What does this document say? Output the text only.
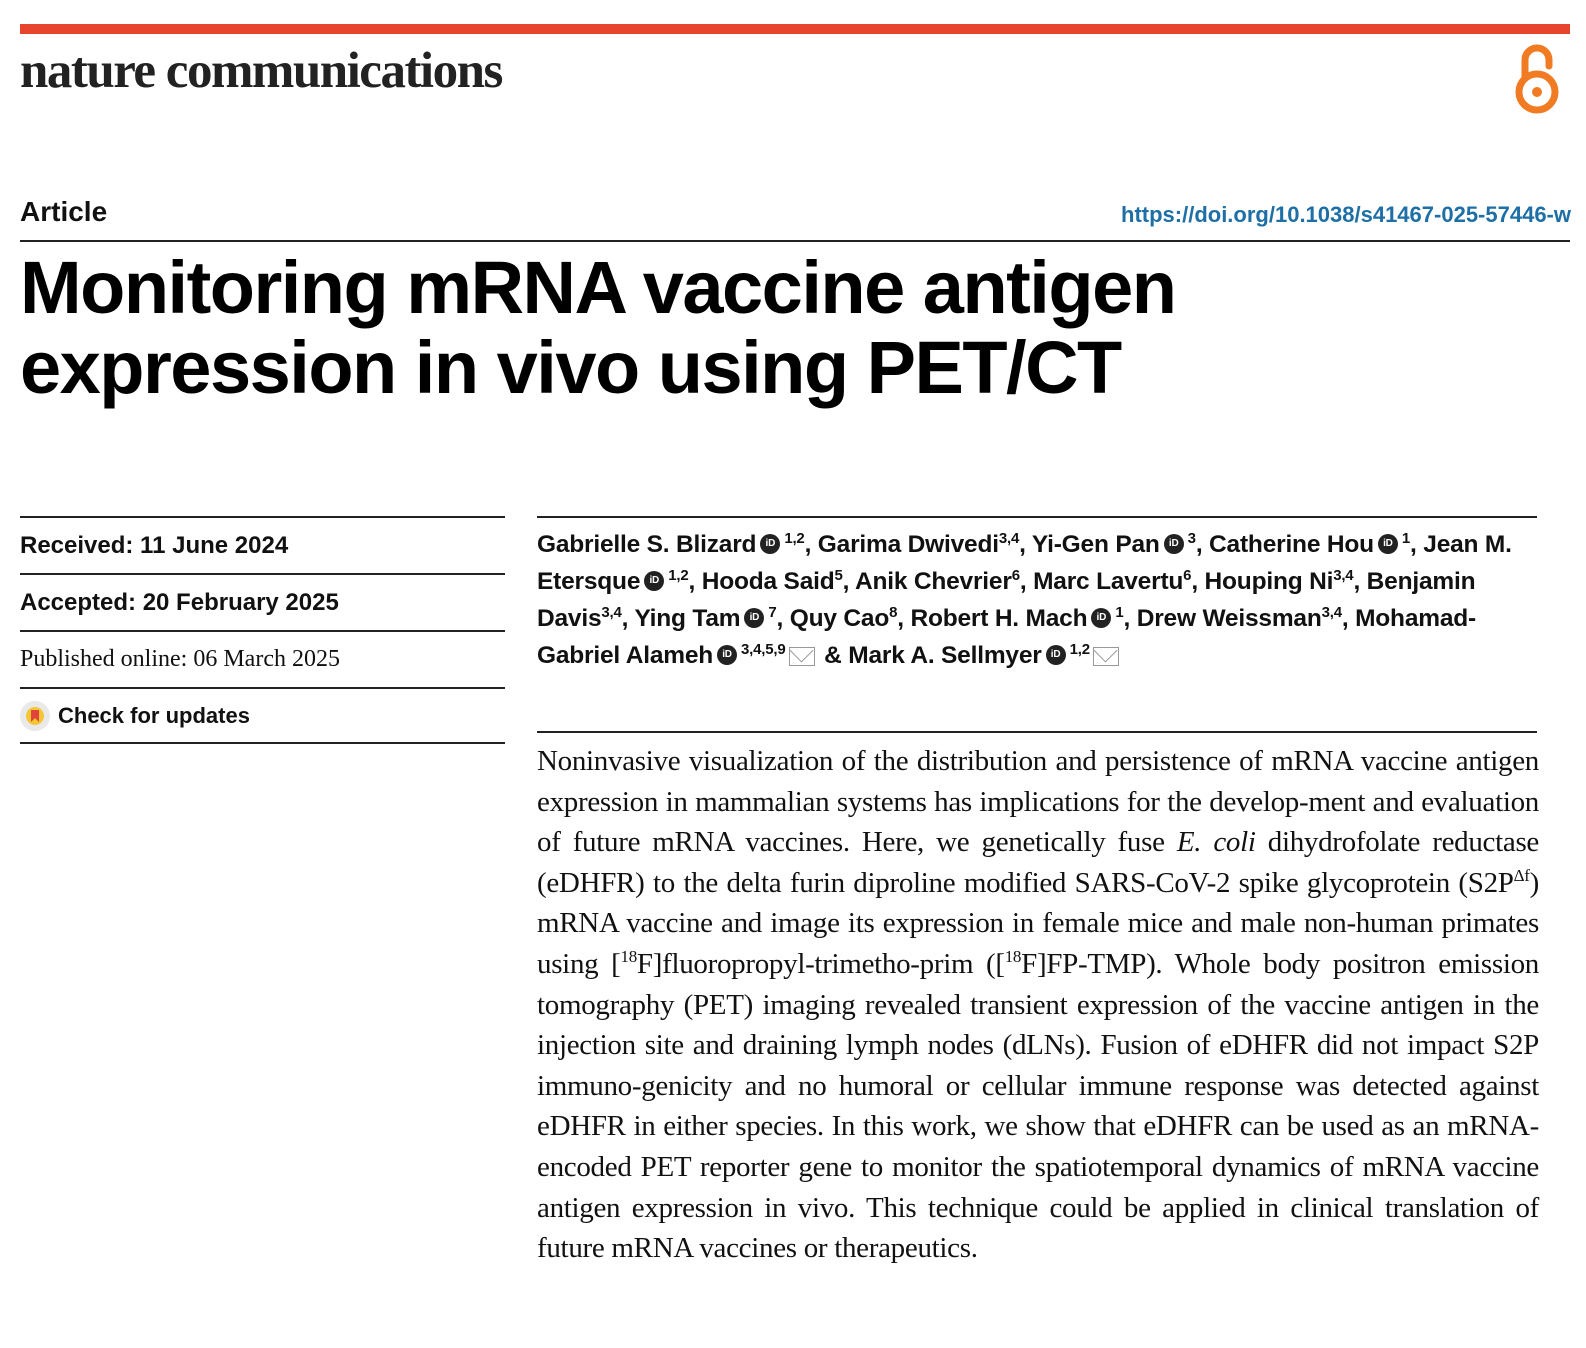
nature communications
Article	https://doi.org/10.1038/s41467-025-57446-w
Monitoring mRNA vaccine antigen
expression in vivo using PET/CT
Received: 11 June 2024
Accepted: 20 February 2025
Published online: 06 March 2025
Check for updates
Gabrielle S. Blizard iD $^{1,2}$, Garima Dwivedi$^{3,4}$, Yi-Gen Pan iD $^3$, Catherine Hou iD $^1$, Jean M. Etersque iD $^{1,2}$, Hooda Said$^5$, Anik Chevrier$^6$, Marc Lavertu$^6$, Houping Ni$^{3,4}$, Benjamin Davis$^{3,4}$, Ying Tam iD $^7$, Quy Cao$^8$, Robert H. Mach iD $^1$, Drew Weissman$^{3,4}$, Mohamad-Gabriel Alameh iD $^{3,4,5,9}$ & Mark A. Sellmyer iD $^{1,2}$

Noninvasive visualization of the distribution and persistence of mRNA vaccine antigen expression in mammalian systems has implications for the develop-ment and evaluation of future mRNA vaccines. Here, we genetically fuse E. coli dihydrofolate reductase (eDHFR) to the delta furin diproline modified SARS-CoV-2 spike glycoprotein $(S2P^{\Delta f})$ mRNA vaccine and image its expression in female mice and male non-human primates using [$^{18}$F]fluoropropyl-trimetho-prim ([$^{18}$F]FP-TMP). Whole body positron emission tomography (PET) imaging revealed transient expression of the vaccine antigen in the injection site and draining lymph nodes (dLNs). Fusion of eDHFR did not impact S2P immuno-genicity and no humoral or cellular immune response was detected against eDHFR in either species. In this work, we show that eDHFR can be used as an mRNA-encoded PET reporter gene to monitor the spatiotemporal dynamics of mRNA vaccine antigen expression in vivo. This technique could be applied in clinical translation of future mRNA vaccines or therapeutics.
